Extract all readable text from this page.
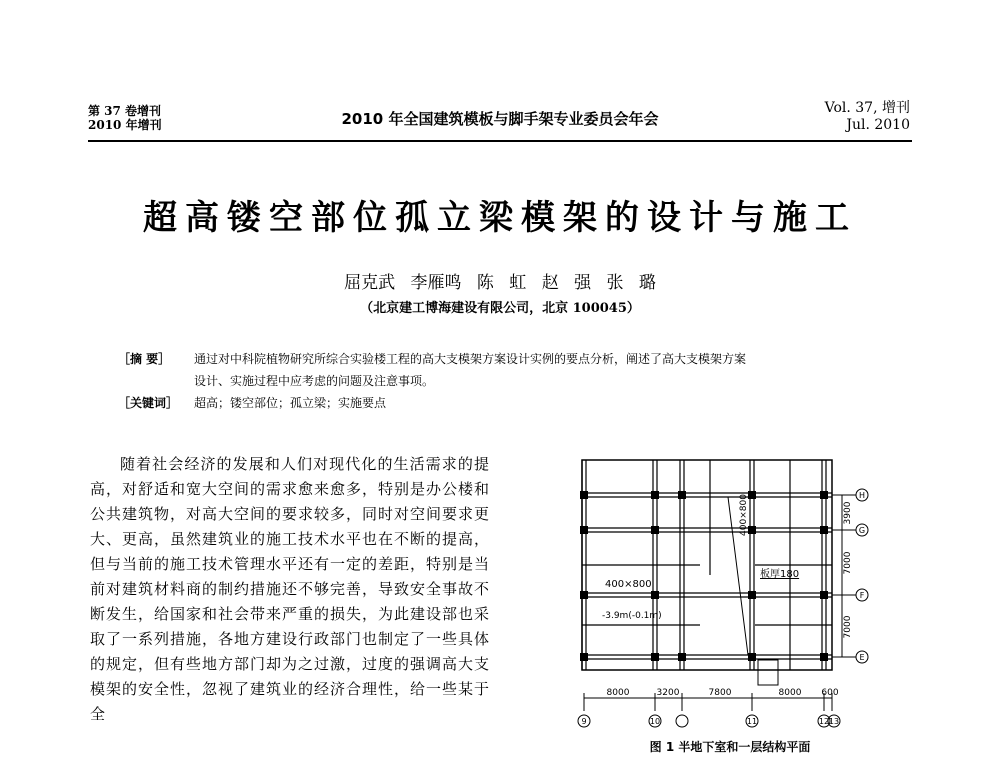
第 37 卷增刊
2010 年增刊	2010 年全国建筑模板与脚手架专业委员会年会
Vol. 37, 增刊
Jul. 2010
超高镂空部位孤立梁模架的设计与施工
屈克武 李雁鸣 陈 虹 赵 强 张 璐
（北京建工博海建设有限公司，北京 100045）
［摘 要］	通过对中科院植物研究所综合实验楼工程的高大支模架方案设计实例的要点分析，阐述了高大支模架方案
设计、实施过程中应考虑的问题及注意事项。
［关键词］	超高；镂空部位；孤立梁；实施要点

随着社会经济的发展和人们对现代化的生活需求的提高，对舒适和宽大空间的需求愈来愈多，特别是办公楼和公共建筑物，对高大空间的要求较多，同时对空间要求更大、更高，虽然建筑业的施工技术水平也在不断的提高，但与当前的施工技术管理水平还有一定的差距，特别是当前对建筑材料商的制约措施还不够完善，导致安全事故不断发生，给国家和社会带来严重的损失，为此建设部也采取了一系列措施，各地方建设行政部门也制定了一些具体的规定，但有些地方部门却为之过激，过度的强调高大支模架的安全性，忽视了建筑业的经济合理性，给一些某于全

400×800
400×800
板厚180
-3.9m(-0.1m)
3900
7000
7000
H
G
F
E
8000	3200	7800	8000 600
9	10	11	12 13
图 1 半地下室和一层结构平面
